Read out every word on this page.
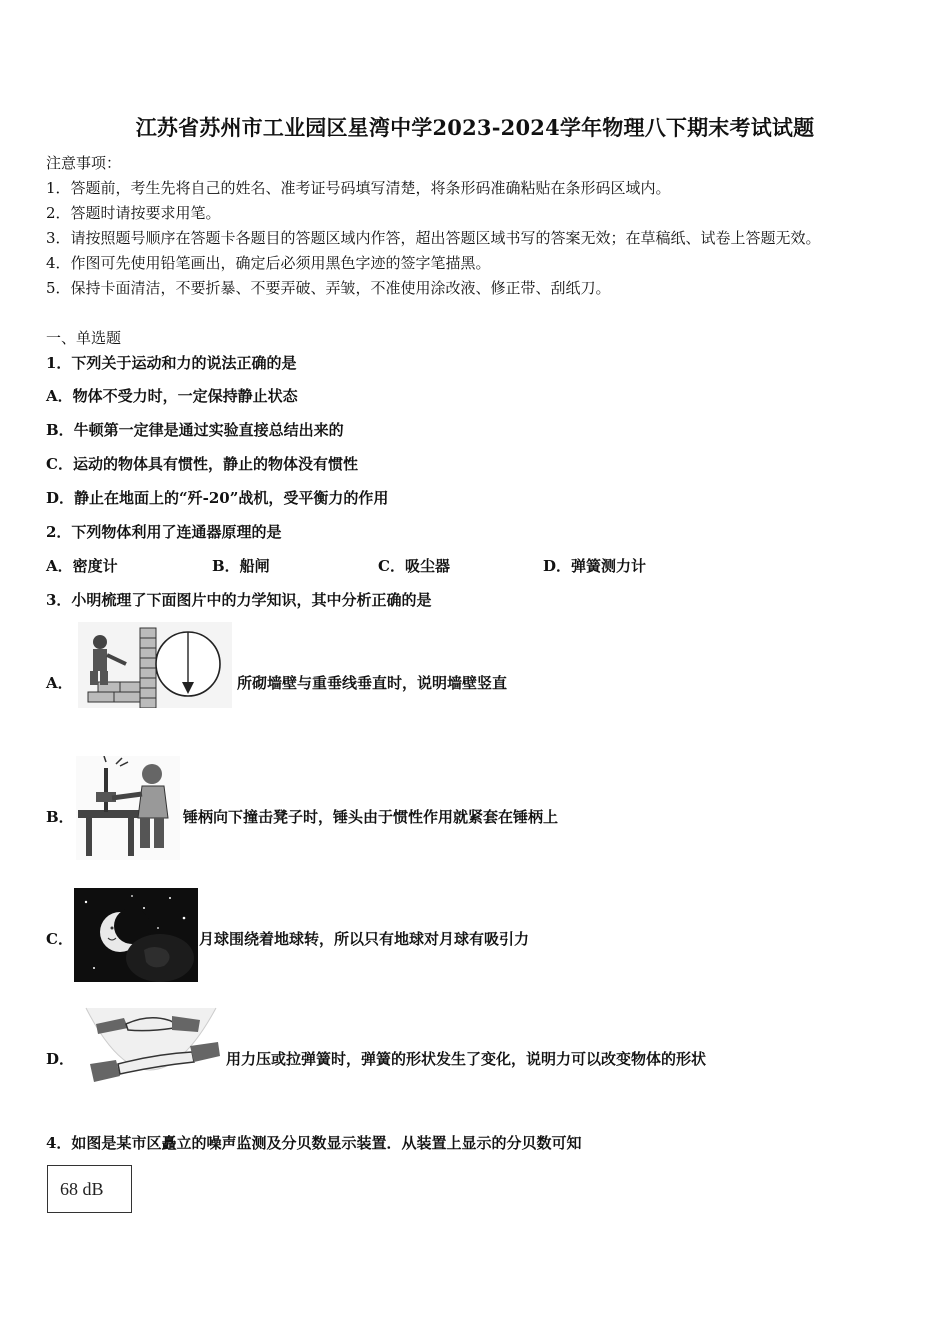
江苏省苏州市工业园区星湾中学2023-2024学年物理八下期末考试试题
注意事项：
1．答题前，考生先将自己的姓名、准考证号码填写清楚，将条形码准确粘贴在条形码区域内。
2．答题时请按要求用笔。
3．请按照题号顺序在答题卡各题目的答题区域内作答，超出答题区域书写的答案无效；在草稿纸、试卷上答题无效。
4．作图可先使用铅笔画出，确定后必须用黑色字迹的签字笔描黑。
5．保持卡面清洁，不要折暴、不要弄破、弄皱，不准使用涂改液、修正带、刮纸刀。
一、单选题
1．下列关于运动和力的说法正确的是
A．物体不受力时，一定保持静止状态
B．牛顿第一定律是通过实验直接总结出来的
C．运动的物体具有惯性，静止的物体没有惯性
D．静止在地面上的“歼-20”战机，受平衡力的作用
2．下列物体利用了连通器原理的是
A．密度计	B．船闸	C．吸尘器	D．弹簧测力计
3．小明梳理了下面图片中的力学知识，其中分析正确的是
A．	所砌墙壁与重垂线垂直时，说明墙壁竖直
B．	锤柄向下撞击凳子时，锤头由于惯性作用就紧套在锤柄上
C．	月球围绕着地球转，所以只有地球对月球有吸引力
D．	用力压或拉弹簧时，弹簧的形状发生了变化，说明力可以改变物体的形状
4．如图是某市区矗立的噪声监测及分贝数显示装置．从装置上显示的分贝数可知
68 dB
